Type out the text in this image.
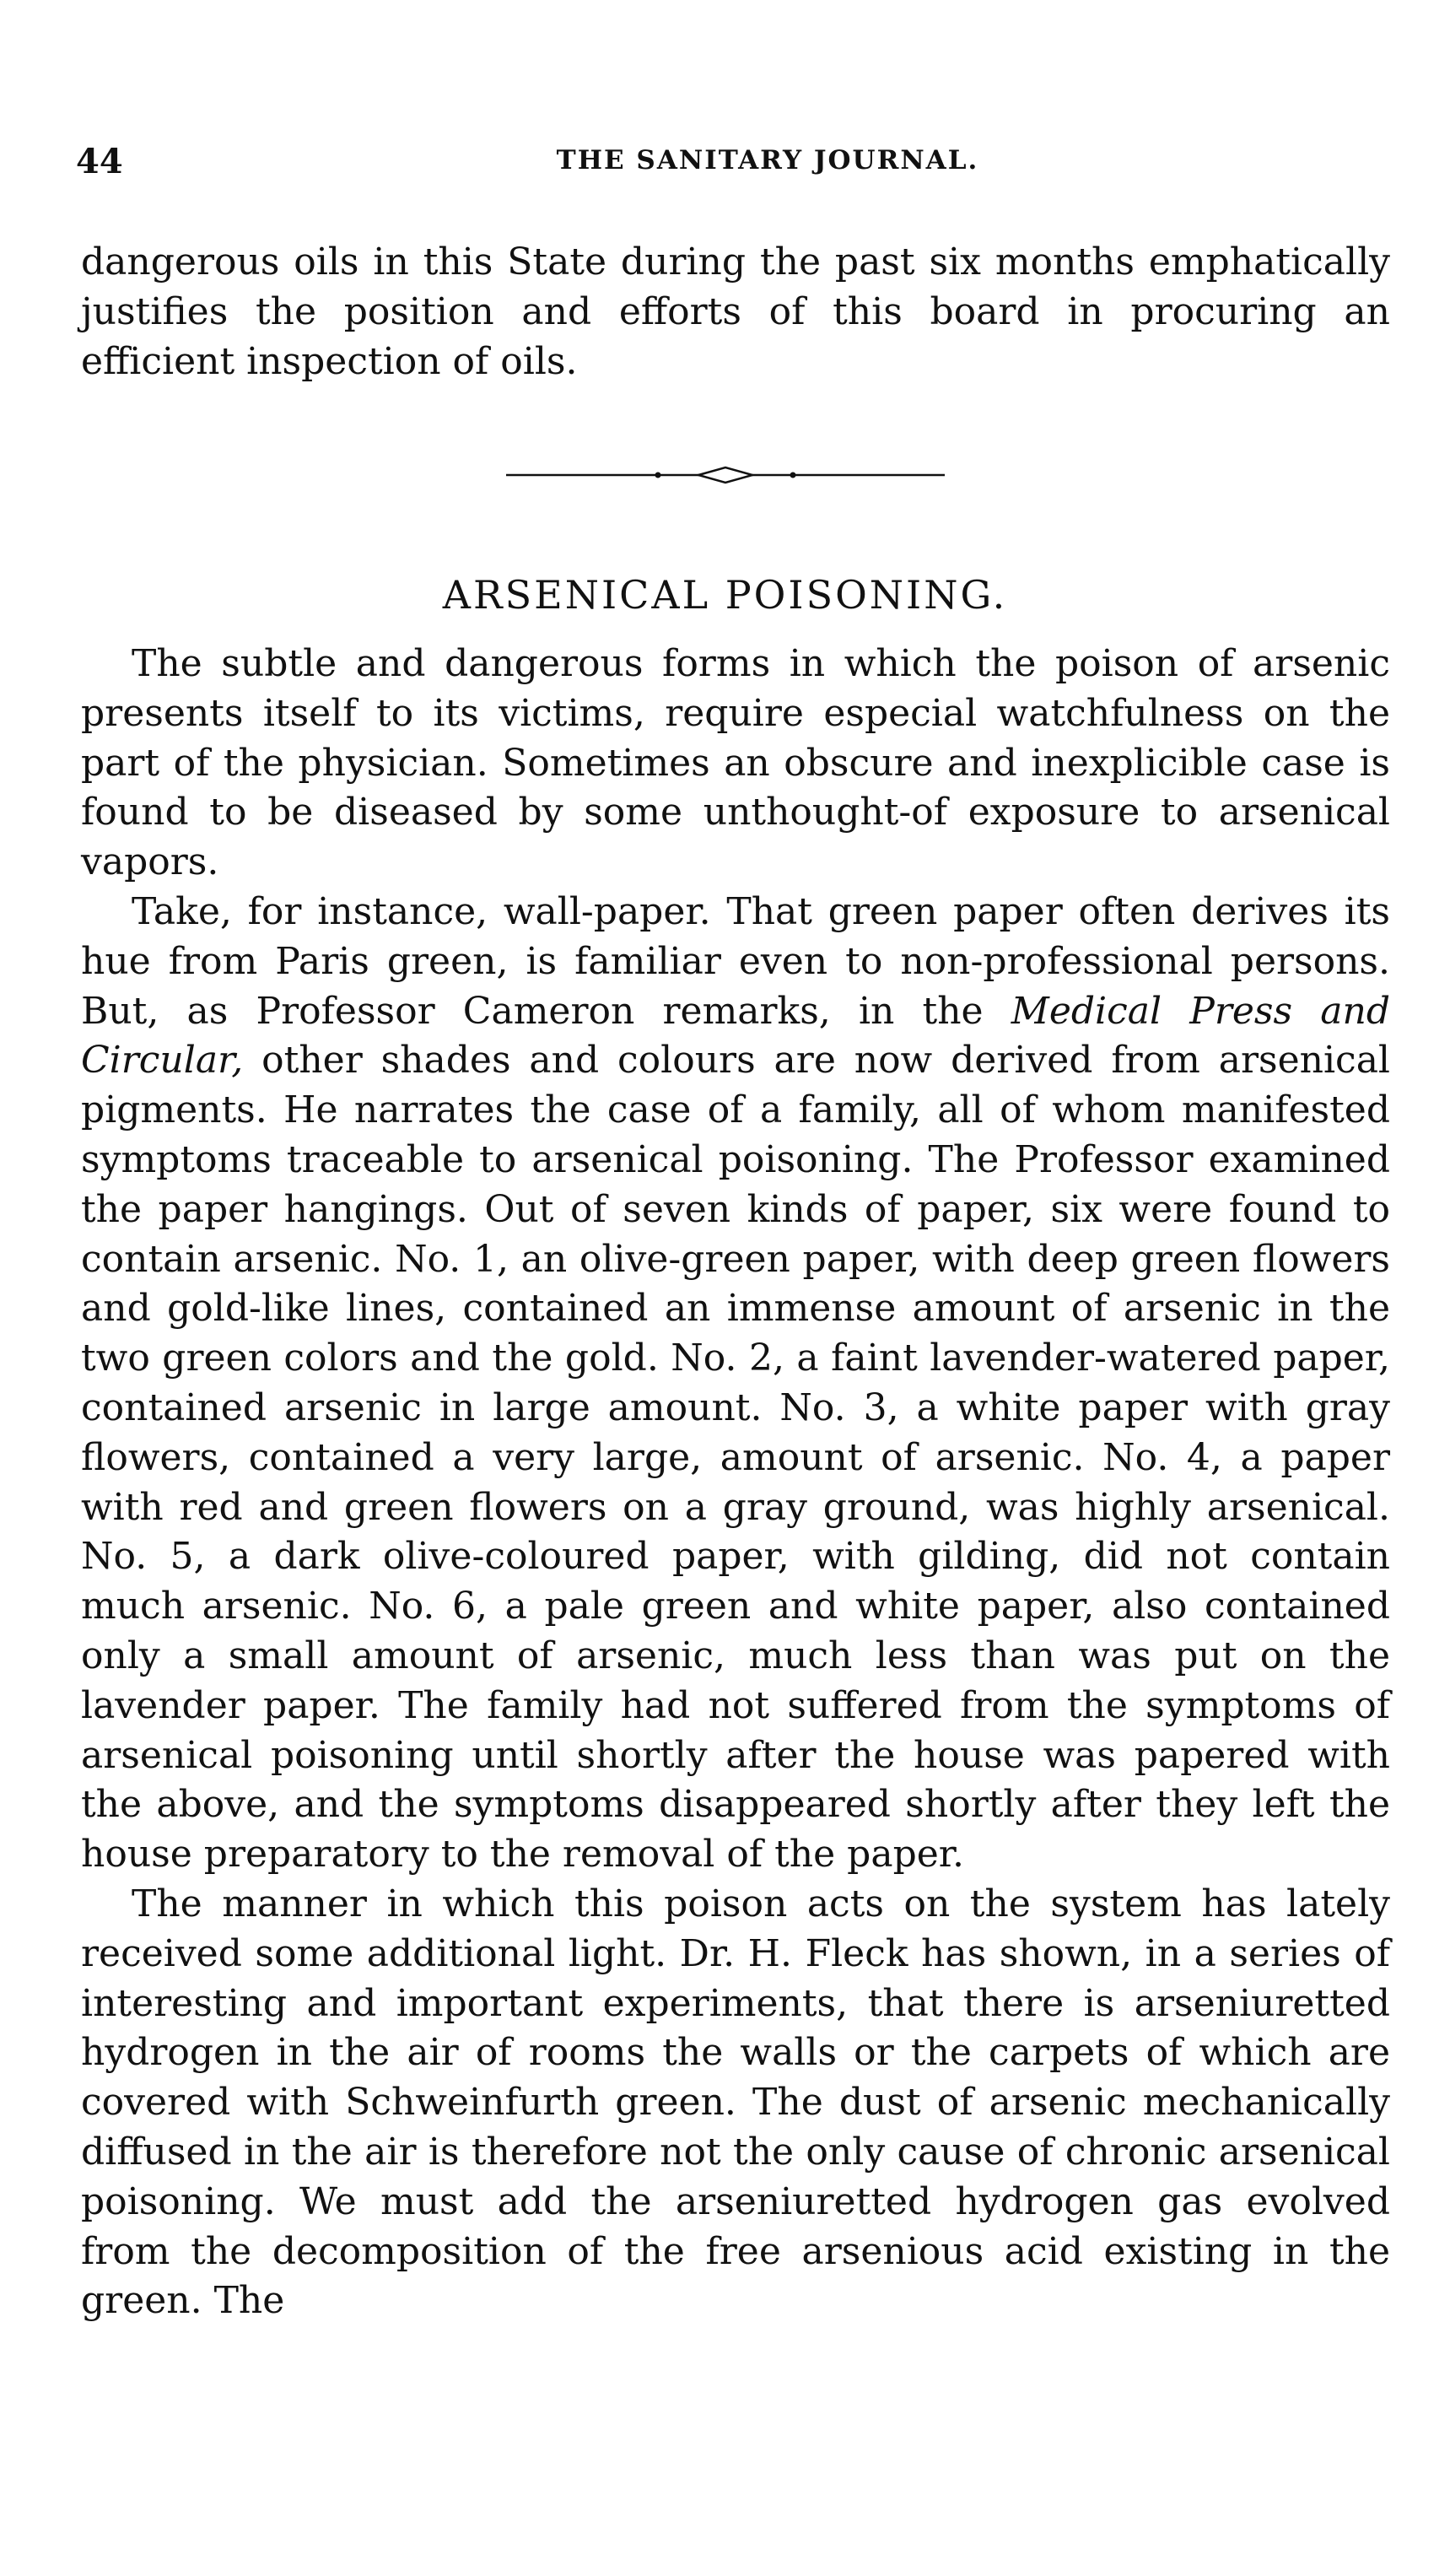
44	THE SANITARY JOURNAL.

dangerous oils in this State during the past six months emphatically justifies the position and efforts of this board in procuring an efficient inspection of oils.

ARSENICAL POISONING.

The subtle and dangerous forms in which the poison of arsenic presents itself to its victims, require especial watchfulness on the part of the physician. Sometimes an obscure and inexplicible case is found to be diseased by some unthought-of exposure to arsenical vapors.

Take, for instance, wall-paper. That green paper often derives its hue from Paris green, is familiar even to non-professional persons. But, as Professor Cameron remarks, in the Medical Press and Circular, other shades and colours are now derived from arsenical pigments. He narrates the case of a family, all of whom manifested symptoms traceable to arsenical poisoning. The Professor examined the paper hangings. Out of seven kinds of paper, six were found to contain arsenic. No. 1, an olive-green paper, with deep green flowers and gold-like lines, contained an immense amount of arsenic in the two green colors and the gold. No. 2, a faint lavender-watered paper, contained arsenic in large amount. No. 3, a white paper with gray flowers, contained a very large, amount of arsenic. No. 4, a paper with red and green flowers on a gray ground, was highly arsenical. No. 5, a dark olive-coloured paper, with gilding, did not contain much arsenic. No. 6, a pale green and white paper, also contained only a small amount of arsenic, much less than was put on the lavender paper. The family had not suffered from the symptoms of arsenical poisoning until shortly after the house was papered with the above, and the symptoms disappeared shortly after they left the house preparatory to the removal of the paper.

The manner in which this poison acts on the system has lately received some additional light. Dr. H. Fleck has shown, in a series of interesting and important experiments, that there is arseniuretted hydrogen in the air of rooms the walls or the carpets of which are covered with Schweinfurth green. The dust of arsenic mechanically diffused in the air is therefore not the only cause of chronic arsenical poisoning. We must add the arseniuretted hydrogen gas evolved from the decomposition of the free arsenious acid existing in the green. The
